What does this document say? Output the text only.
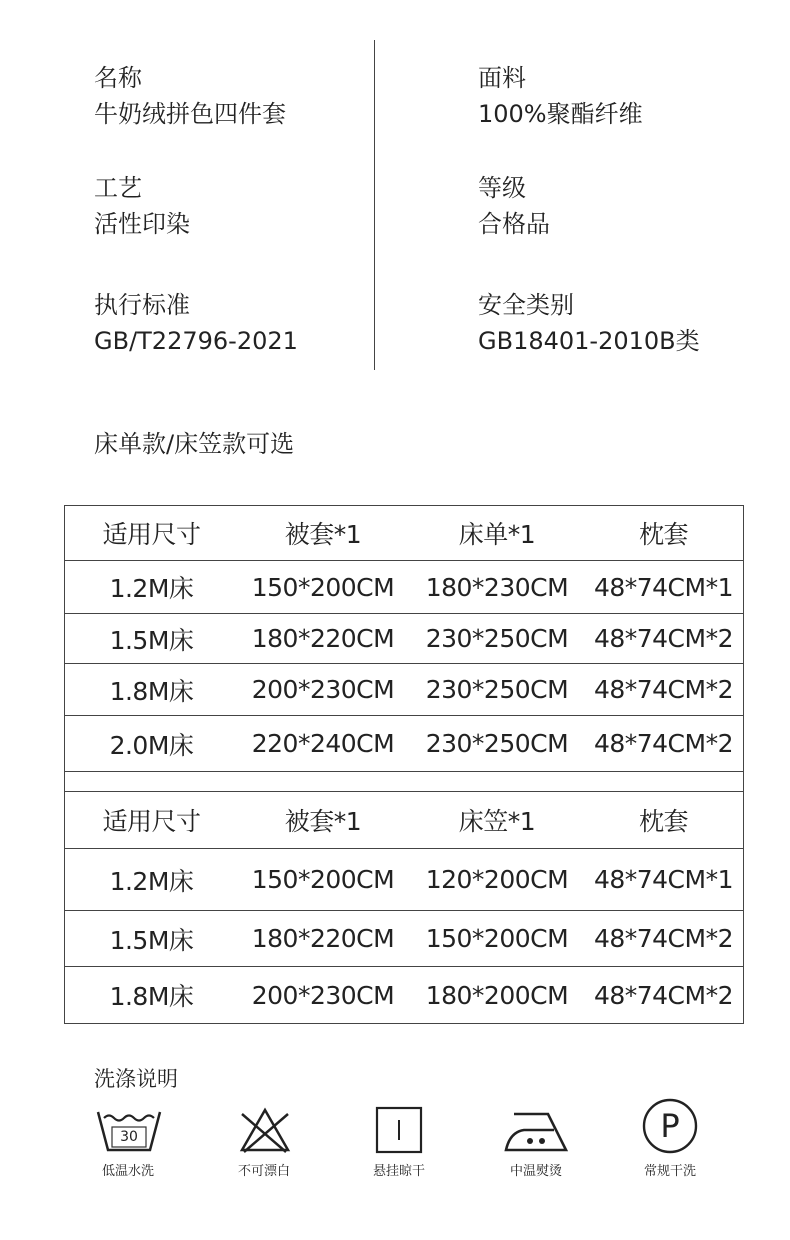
名称
牛奶绒拼色四件套
面料
100%聚酯纤维
工艺
活性印染
等级
合格品
执行标准
GB/T22796-2021
安全类别
GB18401-2010B类
床单款/床笠款可选
适用尺寸	被套*1	床单*1	枕套
1.2M床	150*200CM	180*230CM	48*74CM*1
1.5M床	180*220CM	230*250CM	48*74CM*2
1.8M床	200*230CM	230*250CM	48*74CM*2
2.0M床	220*240CM	230*250CM	48*74CM*2
适用尺寸	被套*1	床笠*1	枕套
1.2M床	150*200CM	120*200CM	48*74CM*1
1.5M床	180*220CM	150*200CM	48*74CM*2
1.8M床	200*230CM	180*200CM	48*74CM*2
洗涤说明
30
低温水洗	不可漂白	悬挂晾干	中温熨烫
P
常规干洗
